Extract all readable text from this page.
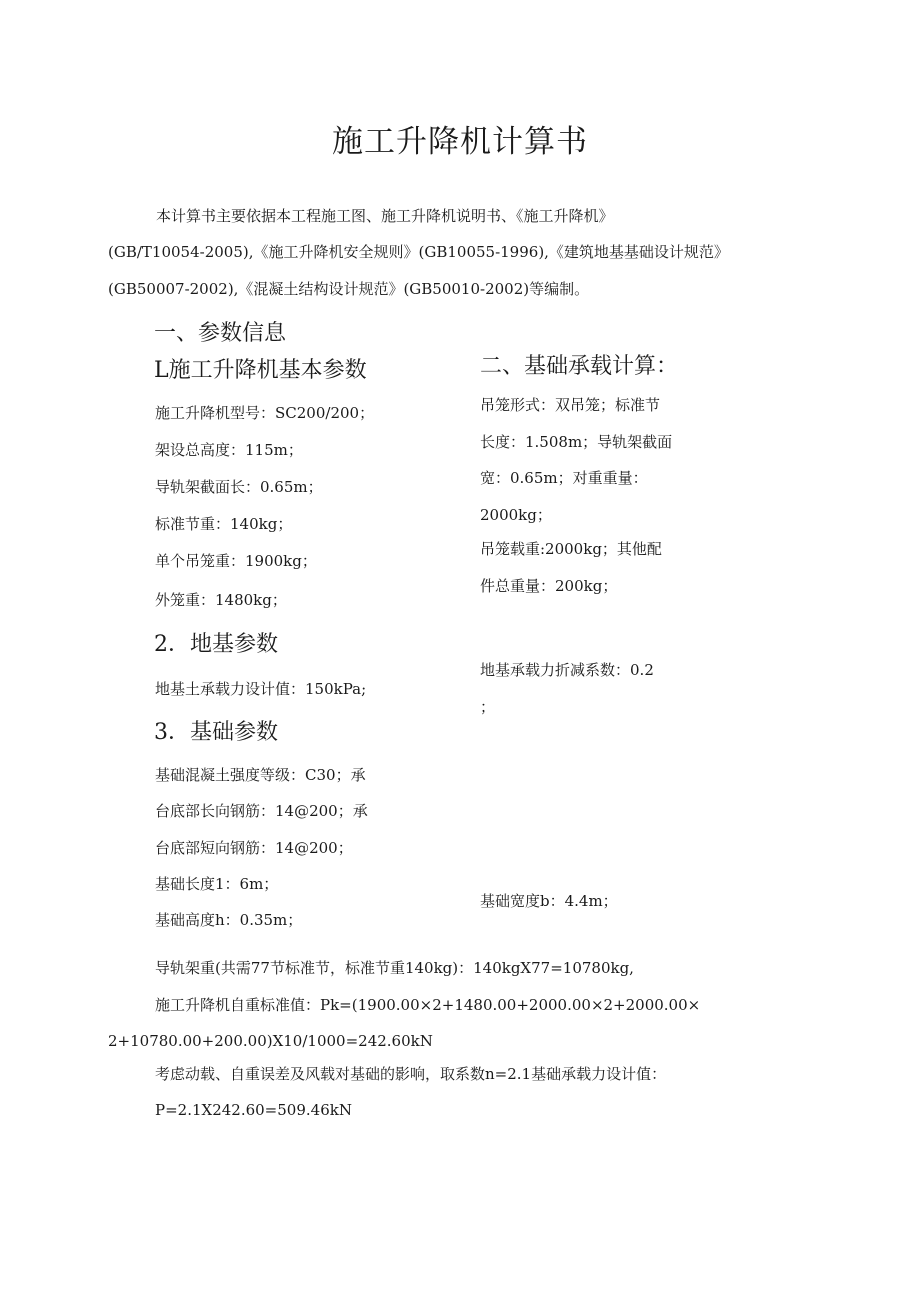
施工升降机计算书
本计算书主要依据本工程施工图、施工升降机说明书、《施工升降机》
(GB/T10054-2005),《施工升降机安全规则》(GB10055-1996),《建筑地基基础设计规范》
(GB50007-2002),《混凝土结构设计规范》(GB50010-2002)等编制。
一、参数信息
L施工升降机基本参数	二、基础承载计算：
施工升降机型号：SC200/200；
架设总高度：115m；
导轨架截面长：0.65m；
标准节重：140kg；
单个吊笼重：1900kg；
外笼重：1480kg；
吊笼形式：双吊笼；标准节
长度：1.508m；导轨架截面
宽：0.65m；对重重量：
2000kg；
吊笼载重:2000kg；其他配
件总重量：200kg；
2．地基参数
地基土承载力设计值：150kPa;
地基承载力折减系数：0.2
；
3．基础参数
基础混凝土强度等级：C30；承
台底部长向钢筋：14@200；承
台底部短向钢筋：14@200；
基础长度1：6m；
基础高度h：0.35m；
基础宽度b：4.4m；
导轨架重(共需77节标准节，标准节重140kg)：140kgX77=10780kg,
施工升降机自重标准值：Pk=(1900.00×2+1480.00+2000.00×2+2000.00×
2+10780.00+200.00)X10/1000=242.60kN
考虑动载、自重误差及风载对基础的影响，取系数n=2.1基础承载力设计值：
P=2.1X242.60=509.46kN
